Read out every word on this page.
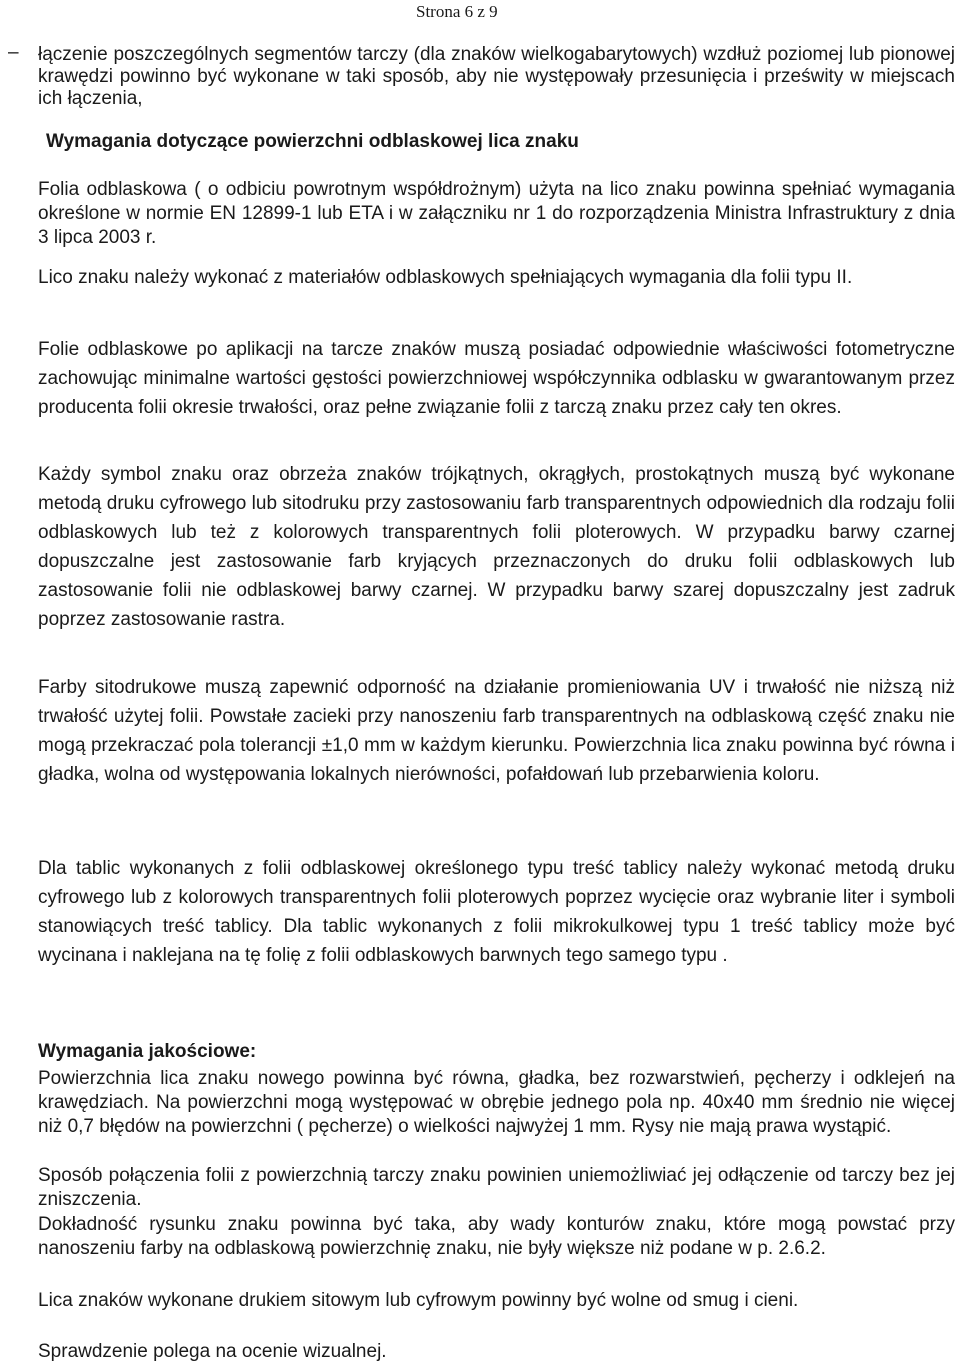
Strona 6 z 9
– łączenie poszczególnych segmentów tarczy (dla znaków wielkogabarytowych) wzdłuż poziomej lub pionowej krawędzi powinno być wykonane w taki sposób, aby nie występowały przesunięcia i prześwity w miejscach ich łączenia,

Wymagania dotyczące powierzchni odblaskowej lica znaku

Folia odblaskowa ( o odbiciu powrotnym współdrożnym) użyta na lico znaku powinna spełniać wymagania określone w normie EN 12899-1 lub ETA i w załączniku nr 1 do rozporządzenia Ministra Infrastruktury z dnia 3 lipca 2003 r.

Lico znaku należy wykonać z materiałów odblaskowych spełniających wymagania dla folii typu II.

Folie odblaskowe po aplikacji na tarcze znaków muszą posiadać odpowiednie właściwości fotometryczne zachowując minimalne wartości gęstości powierzchniowej współczynnika odblasku w gwarantowanym przez producenta folii okresie trwałości, oraz pełne związanie folii z tarczą znaku przez cały ten okres.

Każdy symbol znaku oraz obrzeża znaków trójkątnych, okrągłych, prostokątnych muszą być wykonane metodą druku cyfrowego lub sitodruku przy zastosowaniu farb transparentnych odpowiednich dla rodzaju folii odblaskowych lub też z kolorowych transparentnych folii ploterowych. W przypadku barwy czarnej dopuszczalne jest zastosowanie farb kryjących przeznaczonych do druku folii odblaskowych lub zastosowanie folii nie odblaskowej barwy czarnej. W przypadku barwy szarej dopuszczalny jest zadruk poprzez zastosowanie rastra.

Farby sitodrukowe muszą zapewnić odporność na działanie promieniowania UV i trwałość nie niższą niż trwałość użytej folii. Powstałe zacieki przy nanoszeniu farb transparentnych na odblaskową część znaku nie mogą przekraczać pola tolerancji ±1,0 mm w każdym kierunku. Powierzchnia lica znaku powinna być równa i gładka, wolna od występowania lokalnych nierówności, pofałdowań lub przebarwienia koloru.

Dla tablic wykonanych z folii odblaskowej określonego typu treść tablicy należy wykonać metodą druku cyfrowego lub z kolorowych transparentnych folii ploterowych poprzez wycięcie oraz wybranie liter i symboli stanowiących treść tablicy. Dla tablic wykonanych z folii mikrokulkowej typu 1 treść tablicy może być wycinana i naklejana na tę folię z folii odblaskowych barwnych tego samego typu .

Wymagania jakościowe:

Powierzchnia lica znaku nowego powinna być równa, gładka, bez rozwarstwień, pęcherzy i odklejeń na krawędziach. Na powierzchni mogą występować w obrębie jednego pola np. 40x40 mm średnio nie więcej niż 0,7 błędów na powierzchni ( pęcherze) o wielkości najwyżej 1 mm. Rysy nie mają prawa wystąpić.

Sposób połączenia folii z powierzchnią tarczy znaku powinien uniemożliwiać jej odłączenie od tarczy bez jej zniszczenia.

Dokładność rysunku znaku powinna być taka, aby wady konturów znaku, które mogą powstać przy nanoszeniu farby na odblaskową powierzchnię znaku, nie były większe niż podane w p. 2.6.2.

Lica znaków wykonane drukiem sitowym lub cyfrowym powinny być wolne od smug i cieni.

Sprawdzenie polega na ocenie wizualnej.
